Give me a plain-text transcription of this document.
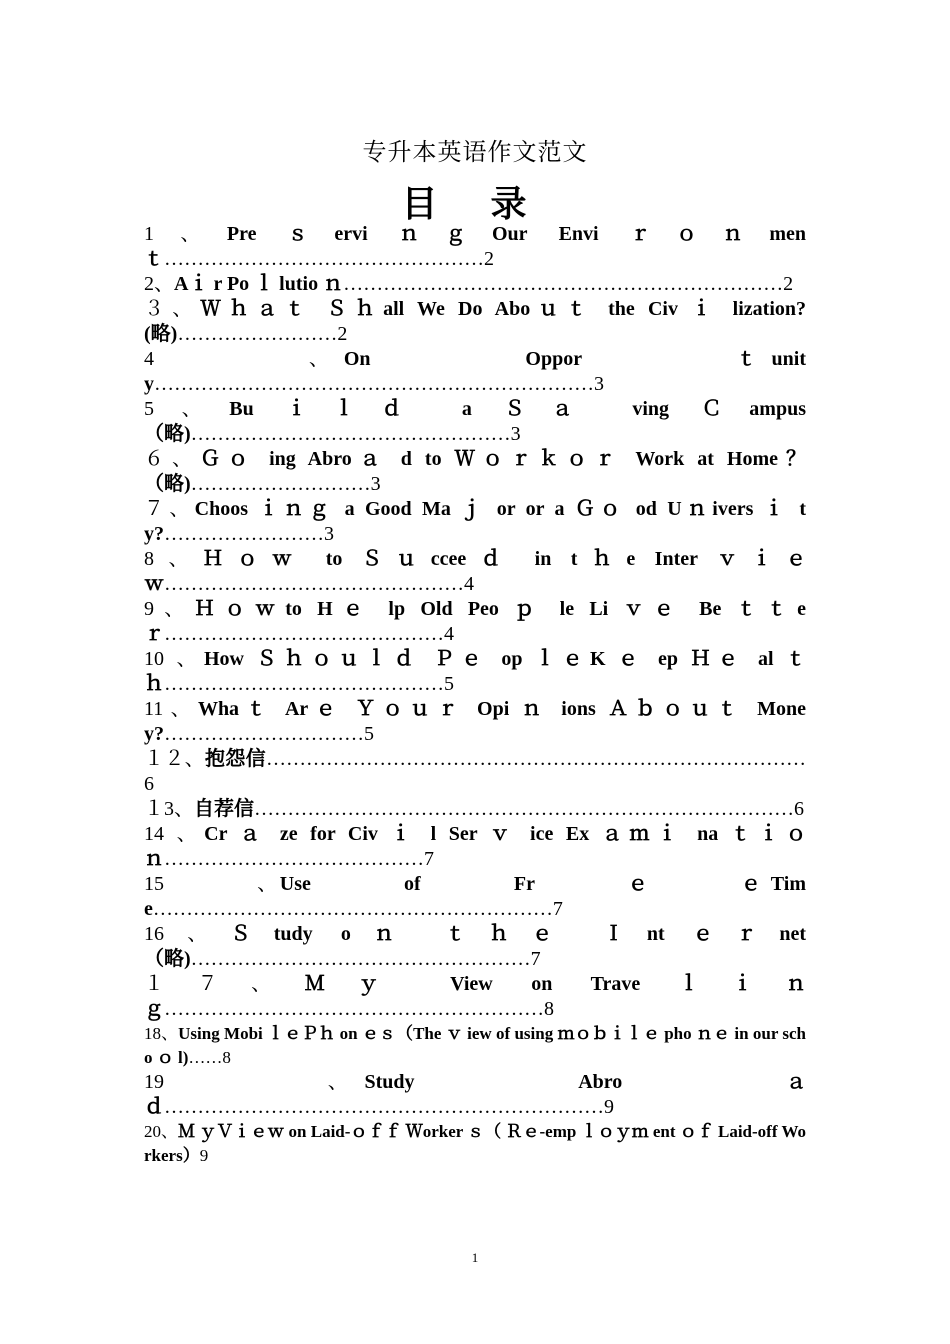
专升本英语作文范文
目 录

1、Pre ｓervi ｎｇOur Envi ｒｏｎmen ｔ…………………………………………2

2、Aｉ r Po ｌ lutio ｎ…………………………………………………………2

３、Ｗｈａｔ Ｓｈall We Do Aboｕｔ the Civ ｉ lization?(略)……………………2

4　　　　、On　　　　Oppor　　　　ｔunity…………………………………………………………3

5、Bu ｉｌｄ a Ｓａ ving Ｃampus（略)…………………………………………3

６、Ｇｏ ing Abroａ d to Ｗｏｒｋｏｒ Work at Home？（略)………………………3

７、Choos ｉｎｇ a Good Ma ｊ or or a Ｇｏ od Uｎivers ｉ ty?……………………3

8、Ｈｏｗ to Ｓｕcceeｄ in tｈe Inter ｖｉｅｗ………………………………………4

9、Ｈｏｗto Hｅ lp Old Peo ｐ le Li ｖｅ Be ｔｔe ｒ……………………………………4

10 、How Ｓｈｏｕｌｄ Ｐｅ op ｌｅK ｅ ep Ｈｅ al ｔｈ……………………………………5

11、Whaｔ Arｅ Ｙｏｕｒ Opi ｎ ions Ａｂｏｕｔ Money?…………………………5

１２、抱怨信………………………………………………………………………6

１3、自荐信………………………………………………………………………6

14 、Cr ａ ze for Civ ｉ l Ser ｖ ice Ex ａｍｉ na ｔｉｏｎ…………………………………7

15　　　　、Use　　　　of　　　　Fr　　　　ｅ　　　　ｅ Time……………………………………………………7

16、Ｓtudy oｎ ｔｈｅ Ｉnt ｅｒnet（略)……………………………………………7

１７、Ｍｙ View on Trave ｌｉｎｇ…………………………………………………8

18、Using Mobi ｌｅＰｈ on ｅｓ（The ｖ iew of using ｍｏｂｉｌｅ pho ｎｅ in our scho ｏ l)……8

19　　　　、Study　　　　Abro　　　　ａｄ…………………………………………………………9

20、Ｍ ｙＶｉｅｗ on Laid-ｏｆｆ Ｗorker ｓ（ Ｒｅ-emp ｌｏｙｍ ent ｏｆ Laid-off Workers）9

1
